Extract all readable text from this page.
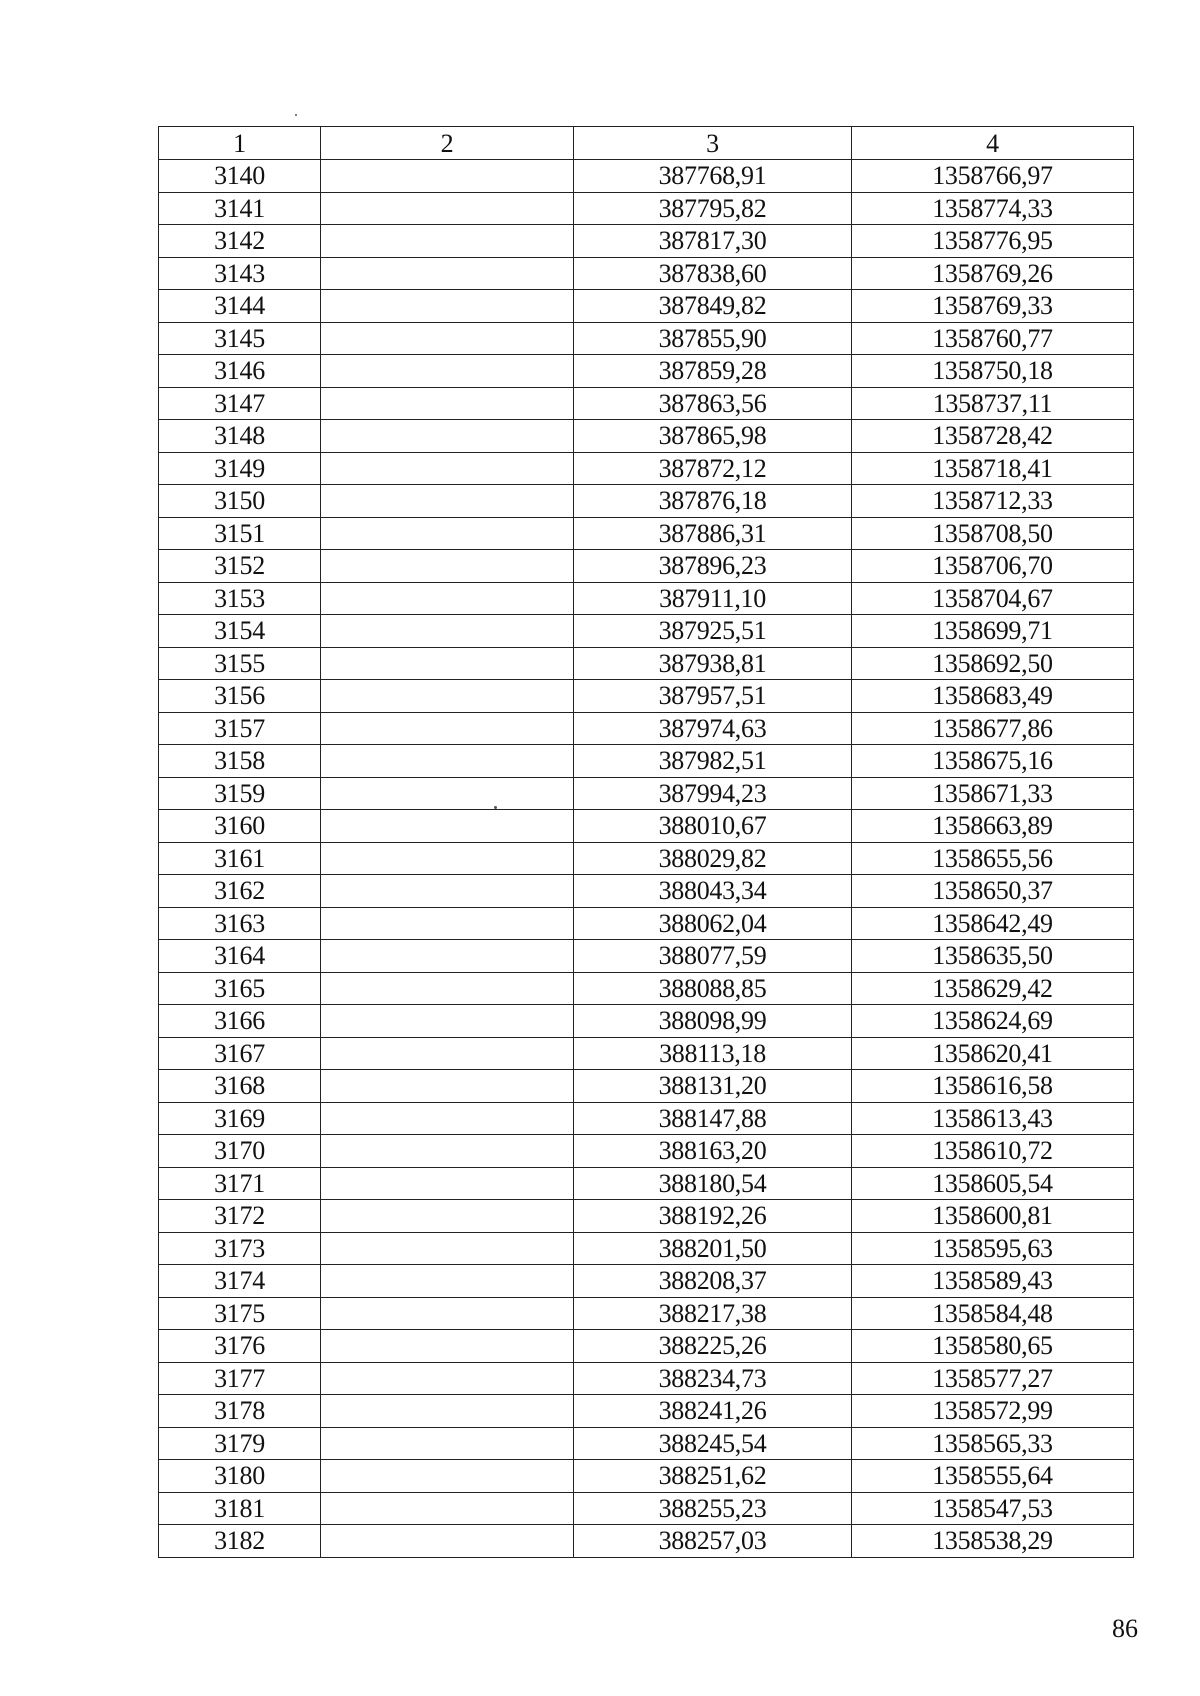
1	2	3	4
3140		387768,91	1358766,97
3141		387795,82	1358774,33
3142		387817,30	1358776,95
3143		387838,60	1358769,26
3144		387849,82	1358769,33
3145		387855,90	1358760,77
3146		387859,28	1358750,18
3147		387863,56	1358737,11
3148		387865,98	1358728,42
3149		387872,12	1358718,41
3150		387876,18	1358712,33
3151		387886,31	1358708,50
3152		387896,23	1358706,70
3153		387911,10	1358704,67
3154		387925,51	1358699,71
3155		387938,81	1358692,50
3156		387957,51	1358683,49
3157		387974,63	1358677,86
3158		387982,51	1358675,16
3159		387994,23	1358671,33
3160		388010,67	1358663,89
3161		388029,82	1358655,56
3162		388043,34	1358650,37
3163		388062,04	1358642,49
3164		388077,59	1358635,50
3165		388088,85	1358629,42
3166		388098,99	1358624,69
3167		388113,18	1358620,41
3168		388131,20	1358616,58
3169		388147,88	1358613,43
3170		388163,20	1358610,72
3171		388180,54	1358605,54
3172		388192,26	1358600,81
3173		388201,50	1358595,63
3174		388208,37	1358589,43
3175		388217,38	1358584,48
3176		388225,26	1358580,65
3177		388234,73	1358577,27
3178		388241,26	1358572,99
3179		388245,54	1358565,33
3180		388251,62	1358555,64
3181		388255,23	1358547,53
3182		388257,03	1358538,29
86
